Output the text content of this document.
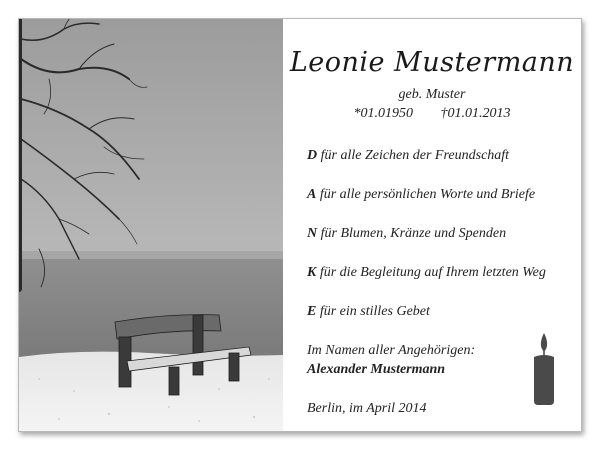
Leonie Mustermann
geb. Muster
*01.01950 †01.01.2013
D für alle Zeichen der Freundschaft
A für alle persönlichen Worte und Briefe
N für Blumen, Kränze und Spenden
K für die Begleitung auf Ihrem letzten Weg
E für ein stilles Gebet
Im Namen aller Angehörigen:
Alexander Mustermann
Berlin, im April 2014
